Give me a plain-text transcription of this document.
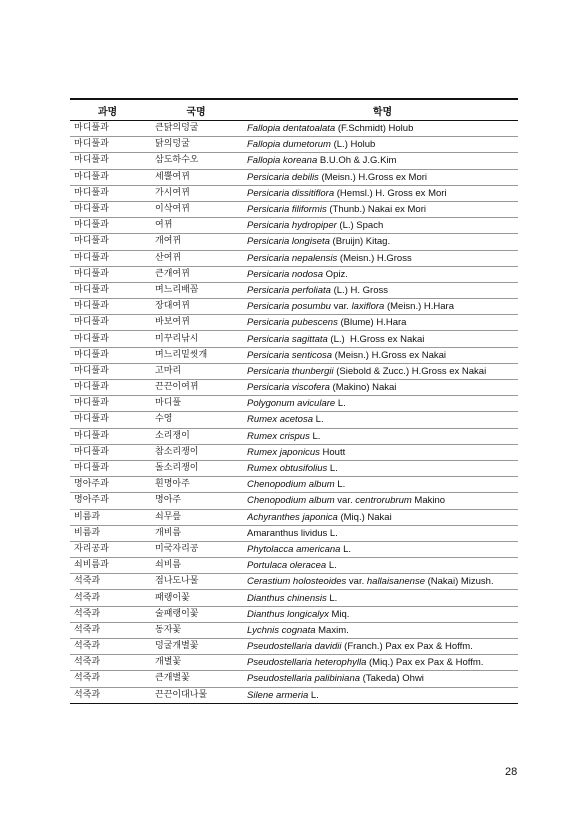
과명	국명	학명
마디풀과	큰닭의덩굴	Fallopia dentatoalata (F.Schmidt) Holub
마디풀과	닭의덩굴	Fallopia dumetorum (L.) Holub
마디풀과	삼도하수오	Fallopia koreana B.U.Oh & J.G.Kim
마디풀과	세뿔여뀌	Persicaria debilis (Meisn.) H.Gross ex Mori
마디풀과	가시여뀌	Persicaria dissitiflora (Hemsl.) H. Gross ex Mori
마디풀과	이삭여뀌	Persicaria filiformis (Thunb.) Nakai ex Mori
마디풀과	여뀌	Persicaria hydropiper (L.) Spach
마디풀과	개여뀌	Persicaria longiseta (Bruijn) Kitag.
마디풀과	산여뀌	Persicaria nepalensis (Meisn.) H.Gross
마디풀과	큰개여뀌	Persicaria nodosa Opiz.
마디풀과	며느리배꼽	Persicaria perfoliata (L.) H. Gross
마디풀과	장대여뀌	Persicaria posumbu var. laxiflora (Meisn.) H.Hara
마디풀과	바보여뀌	Persicaria pubescens (Blume) H.Hara
마디풀과	미꾸리낚시	Persicaria sagittata (L.)  H.Gross ex Nakai
마디풀과	며느리밑씻개	Persicaria senticosa (Meisn.) H.Gross ex Nakai
마디풀과	고마리	Persicaria thunbergii (Siebold & Zucc.) H.Gross ex Nakai
마디풀과	끈끈이여뀌	Persicaria viscofera (Makino) Nakai
마디풀과	마디풀	Polygonum aviculare L.
마디풀과	수영	Rumex acetosa L.
마디풀과	소리쟁이	Rumex crispus L.
마디풀과	참소리쟁이	Rumex japonicus Houtt
마디풀과	돌소리쟁이	Rumex obtusifolius L.
명아주과	흰명아주	Chenopodium album L.
명아주과	명아주	Chenopodium album var. centrorubrum Makino
비름과	쇠무릎	Achyranthes japonica (Miq.) Nakai
비름과	개비름	Amaranthus lividus L.
자리공과	미국자리공	Phytolacca americana L.
쇠비름과	쇠비름	Portulaca oleracea L.
석죽과	점나도나물	Cerastium holosteoides var. hallaisanense (Nakai) Mizush.
석죽과	패랭이꽃	Dianthus chinensis L.
석죽과	술패랭이꽃	Dianthus longicalyx Miq.
석죽과	동자꽃	Lychnis cognata Maxim.
석죽과	덩굴개별꽃	Pseudostellaria davidii (Franch.) Pax ex Pax & Hoffm.
석죽과	개별꽃	Pseudostellaria heterophylla (Miq.) Pax ex Pax & Hoffm.
석죽과	큰개별꽃	Pseudostellaria palibiniana (Takeda) Ohwi
석죽과	끈끈이대나물	Silene armeria L.
28
